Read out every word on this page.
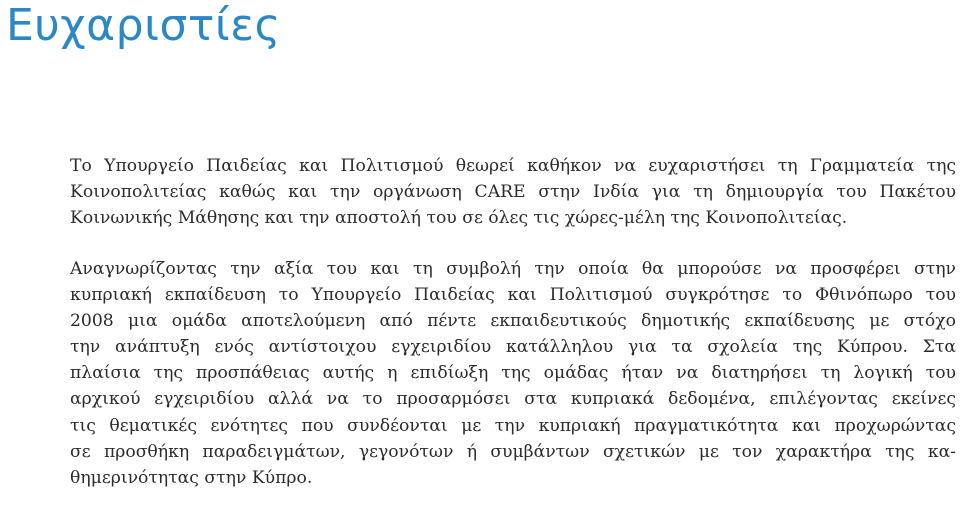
Ευχαριστίες

Το Υπουργείο Παιδείας και Πολιτισμού θεωρεί καθήκον να ευχαριστήσει τη Γραμματεία της
Κοινοπολιτείας καθώς και την οργάνωση CARE στην Ινδία για τη δημιουργία του Πακέτου
Κοινωνικής Μάθησης και την αποστολή του σε όλες τις χώρες-μέλη της Κοινοπολιτείας.

Αναγνωρίζοντας την αξία του και τη συμβολή την οποία θα μπορούσε να προσφέρει στην
κυπριακή εκπαίδευση το Υπουργείο Παιδείας και Πολιτισμού συγκρότησε το Φθινόπωρο του
2008 μια ομάδα αποτελούμενη από πέντε εκπαιδευτικούς δημοτικής εκπαίδευσης με στόχο
την ανάπτυξη ενός αντίστοιχου εγχειριδίου κατάλληλου για τα σχολεία της Κύπρου. Στα
πλαίσια της προσπάθειας αυτής η επιδίωξη της ομάδας ήταν να διατηρήσει τη λογική του
αρχικού εγχειριδίου αλλά να το προσαρμόσει στα κυπριακά δεδομένα, επιλέγοντας εκείνες
τις θεματικές ενότητες που συνδέονται με την κυπριακή πραγματικότητα και προχωρώντας
σε προσθήκη παραδειγμάτων, γεγονότων ή συμβάντων σχετικών με τον χαρακτήρα της κα-
θημερινότητας στην Κύπρο.
